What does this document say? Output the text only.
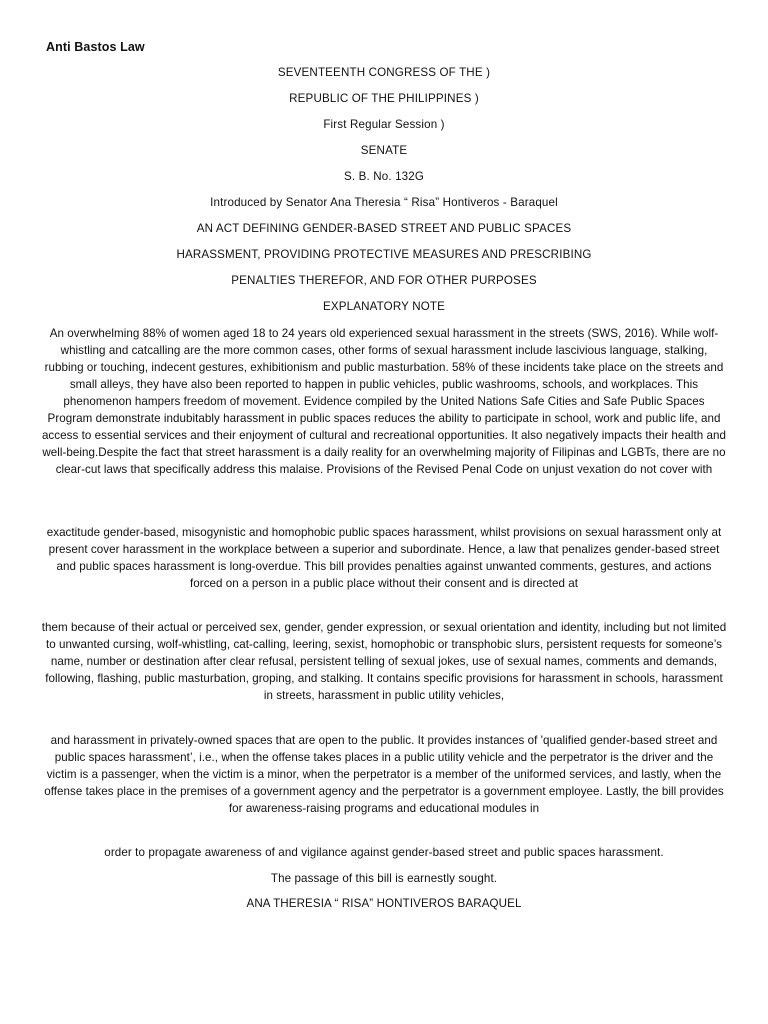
Anti Bastos Law
SEVENTEENTH CONGRESS OF THE )
REPUBLIC OF THE PHILIPPINES )
First Regular Session )
SENATE
S. B. No. 132G
Introduced by Senator Ana Theresia “ Risa” Hontiveros - Baraquel
AN ACT DEFINING GENDER-BASED STREET AND PUBLIC SPACES
HARASSMENT, PROVIDING PROTECTIVE MEASURES AND PRESCRIBING
PENALTIES THEREFOR, AND FOR OTHER PURPOSES
EXPLANATORY NOTE

An overwhelming 88% of women aged 18 to 24 years old experienced sexual harassment in the streets (SWS, 2016). While wolf-whistling and catcalling are the more common cases, other forms of sexual harassment include lascivious language, stalking, rubbing or touching, indecent gestures, exhibitionism and public masturbation. 58% of these incidents take place on the streets and small alleys, they have also been reported to happen in public vehicles, public washrooms, schools, and workplaces. This phenomenon hampers freedom of movement. Evidence compiled by the United Nations Safe Cities and Safe Public Spaces Program demonstrate indubitably harassment in public spaces reduces the ability to participate in school, work and public life, and access to essential services and their enjoyment of cultural and recreational opportunities. It also negatively impacts their health and well-being.Despite the fact that street harassment is a daily reality for an overwhelming majority of Filipinas and LGBTs, there are no clear-cut laws that specifically address this malaise. Provisions of the Revised Penal Code on unjust vexation do not cover with

exactitude gender-based, misogynistic and homophobic public spaces harassment, whilst provisions on sexual harassment only at present cover harassment in the workplace between a superior and subordinate. Hence, a law that penalizes gender-based street and public spaces harassment is long-overdue. This bill provides penalties against unwanted comments, gestures, and actions forced on a person in a public place without their consent and is directed at

them because of their actual or perceived sex, gender, gender expression, or sexual orientation and identity, including but not limited to unwanted cursing, wolf-whistling, cat-calling, leering, sexist, homophobic or transphobic slurs, persistent requests for someone’s name, number or destination after clear refusal, persistent telling of sexual jokes, use of sexual names, comments and demands, following, flashing, public masturbation, groping, and stalking. It contains specific provisions for harassment in schools, harassment in streets, harassment in public utility vehicles,

and harassment in privately-owned spaces that are open to the public. It provides instances of 'qualified gender-based street and public spaces harassment’, i.e., when the offense takes places in a public utility vehicle and the perpetrator is the driver and the victim is a passenger, when the victim is a minor, when the perpetrator is a member of the uniformed services, and lastly, when the offense takes place in the premises of a government agency and the perpetrator is a government employee. Lastly, the bill provides for awareness-raising programs and educational modules in

order to propagate awareness of and vigilance against gender-based street and public spaces harassment.

The passage of this bill is earnestly sought.

ANA THERESIA “ RISA” HONTIVEROS BARAQUEL
